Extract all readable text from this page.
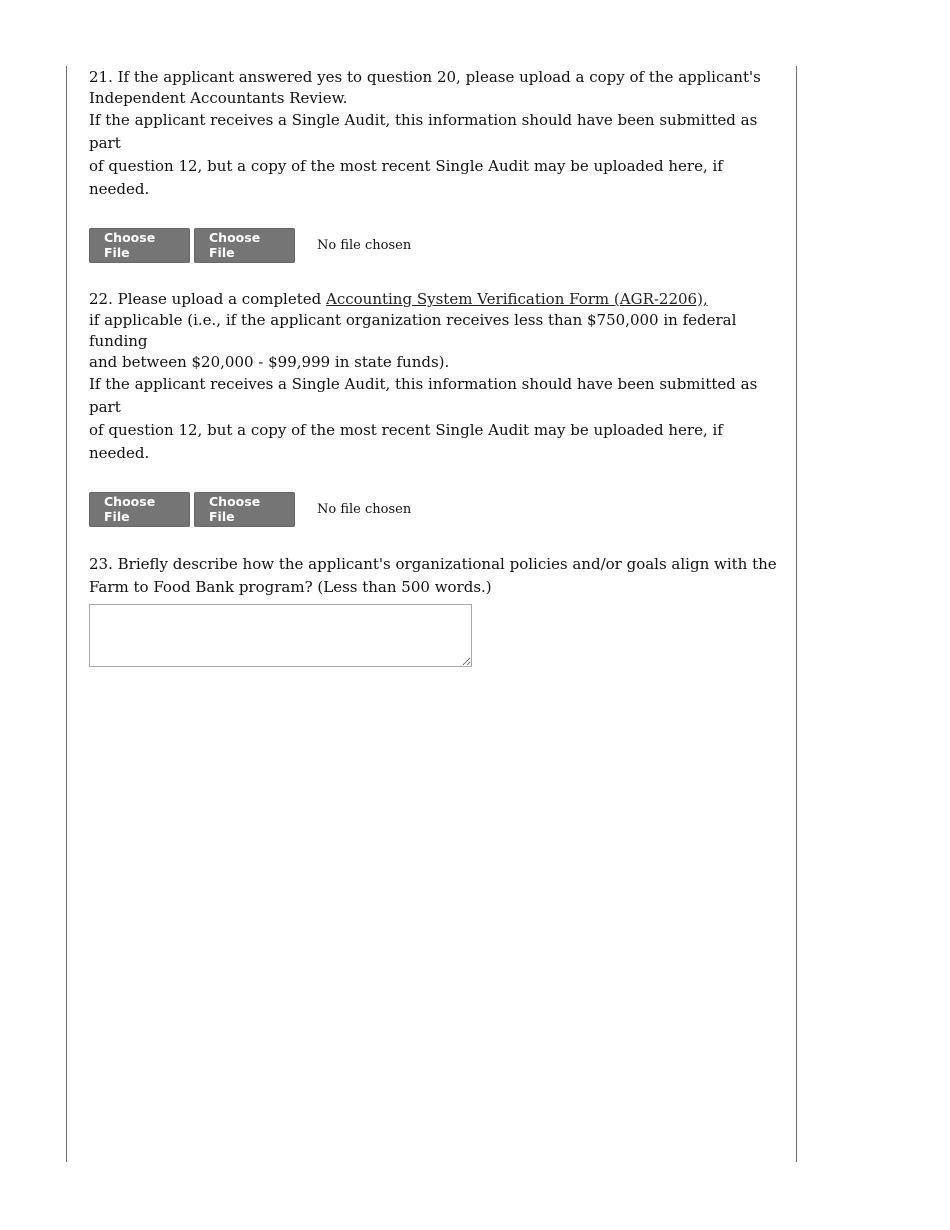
21. If the applicant answered yes to question 20, please upload a copy of the applicant's
Independent Accountants Review.

If the applicant receives a Single Audit, this information should have been submitted as part
of question 12, but a copy of the most recent Single Audit may be uploaded here, if needed.

Choose File
Choose File	No file chosen

22. Please upload a completed Accounting System Verification Form (AGR-2206),
if applicable (i.e., if the applicant organization receives less than $750,000 in federal funding
and between $20,000 - $99,999 in state funds).

If the applicant receives a Single Audit, this information should have been submitted as part
of question 12, but a copy of the most recent Single Audit may be uploaded here, if needed.

Choose File
Choose File	No file chosen

23. Briefly describe how the applicant's organizational policies and/or goals align with the
Farm to Food Bank program? (Less than 500 words.)
